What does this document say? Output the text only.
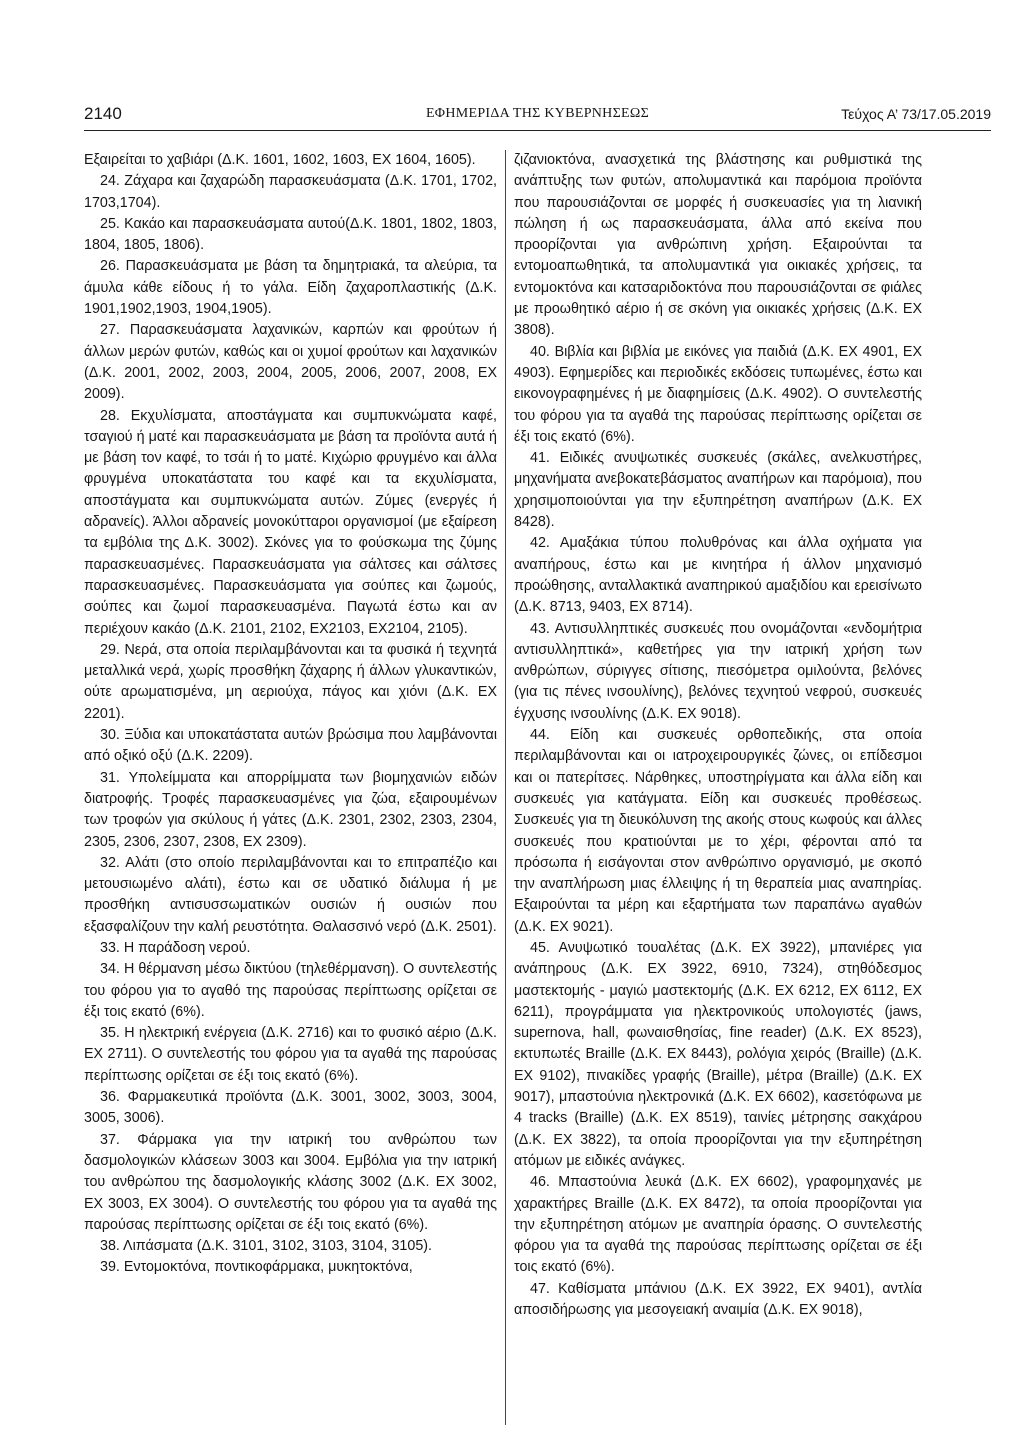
2140	ΕΦΗΜΕΡΙΔΑ ΤΗΣ ΚΥΒΕΡΝΗΣΕΩΣ	Τεύχος Α’ 73/17.05.2019

Εξαιρείται το χαβιάρι (Δ.Κ. 1601, 1602, 1603, ΕΧ 1604, 1605).

24. Ζάχαρα και ζαχαρώδη παρασκευάσματα (Δ.Κ. 1701, 1702, 1703,1704).

25. Κακάο και παρασκευάσματα αυτού(Δ.Κ. 1801, 1802, 1803, 1804, 1805, 1806).

26. Παρασκευάσματα με βάση τα δημητριακά, τα αλεύρια, τα άμυλα κάθε είδους ή το γάλα. Είδη ζαχαροπλαστικής (Δ.Κ. 1901,1902,1903, 1904,1905).

27. Παρασκευάσματα λαχανικών, καρπών και φρούτων ή άλλων μερών φυτών, καθώς και οι χυμοί φρούτων και λαχανικών (Δ.Κ. 2001, 2002, 2003, 2004, 2005, 2006, 2007, 2008, ΕΧ 2009).

28. Εκχυλίσματα, αποστάγματα και συμπυκνώματα καφέ, τσαγιού ή ματέ και παρασκευάσματα με βάση τα προϊόντα αυτά ή με βάση τον καφέ, το τσάι ή το ματέ. Κιχώριο φρυγμένο και άλλα φρυγμένα υποκατάστατα του καφέ και τα εκχυλίσματα, αποστάγματα και συμπυκνώματα αυτών. Ζύμες (ενεργές ή αδρανείς). Άλλοι αδρανείς μονοκύτταροι οργανισμοί (με εξαίρεση τα εμβόλια της Δ.Κ. 3002). Σκόνες για το φούσκωμα της ζύμης παρασκευασμένες. Παρασκευάσματα για σάλτσες και σάλτσες παρασκευασμένες. Παρασκευάσματα για σούπες και ζωμούς, σούπες και ζωμοί παρασκευασμένα. Παγωτά έστω και αν περιέχουν κακάο (Δ.Κ. 2101, 2102, ΕΧ2103, ΕΧ2104, 2105).

29. Νερά, στα οποία περιλαμβάνονται και τα φυσικά ή τεχνητά μεταλλικά νερά, χωρίς προσθήκη ζάχαρης ή άλλων γλυκαντικών, ούτε αρωματισμένα, μη αεριούχα, πάγος και χιόνι (Δ.Κ. ΕΧ 2201).

30. Ξύδια και υποκατάστατα αυτών βρώσιμα που λαμβάνονται από οξικό οξύ (Δ.Κ. 2209).

31. Υπολείμματα και απορρίμματα των βιομηχανιών ειδών διατροφής. Τροφές παρασκευασμένες για ζώα, εξαιρουμένων των τροφών για σκύλους ή γάτες (Δ.Κ. 2301, 2302, 2303, 2304, 2305, 2306, 2307, 2308, ΕΧ 2309).

32. Αλάτι (στο οποίο περιλαμβάνονται και το επιτραπέζιο και μετουσιωμένο αλάτι), έστω και σε υδατικό διάλυμα ή με προσθήκη αντισυσσωματικών ουσιών ή ουσιών που εξασφαλίζουν την καλή ρευστότητα. Θαλασσινό νερό (Δ.Κ. 2501).

33. Η παράδοση νερού.

34. Η θέρμανση μέσω δικτύου (τηλεθέρμανση). Ο συντελεστής του φόρου για το αγαθό της παρούσας περίπτωσης ορίζεται σε έξι τοις εκατό (6%).

35. Η ηλεκτρική ενέργεια (Δ.Κ. 2716) και το φυσικό αέριο (Δ.Κ. ΕΧ 2711). Ο συντελεστής του φόρου για τα αγαθά της παρούσας περίπτωσης ορίζεται σε έξι τοις εκατό (6%).

36. Φαρμακευτικά προϊόντα (Δ.Κ. 3001, 3002, 3003, 3004, 3005, 3006).

37. Φάρμακα για την ιατρική του ανθρώπου των δασμολογικών κλάσεων 3003 και 3004. Εμβόλια για την ιατρική του ανθρώπου της δασμολογικής κλάσης 3002 (Δ.Κ. ΕΧ 3002, ΕΧ 3003, ΕΧ 3004). Ο συντελεστής του φόρου για τα αγαθά της παρούσας περίπτωσης ορίζεται σε έξι τοις εκατό (6%).

38. Λιπάσματα (Δ.Κ. 3101, 3102, 3103, 3104, 3105).

39. Εντομοκτόνα, ποντικοφάρμακα, μυκητοκτόνα,

ζιζανιοκτόνα, ανασχετικά της βλάστησης και ρυθμιστικά της ανάπτυξης των φυτών, απολυμαντικά και παρόμοια προϊόντα που παρουσιάζονται σε μορφές ή συσκευασίες για τη λιανική πώληση ή ως παρασκευάσματα, άλλα από εκείνα που προορίζονται για ανθρώπινη χρήση. Εξαιρούνται τα εντομοαπωθητικά, τα απολυμαντικά για οικιακές χρήσεις, τα εντομοκτόνα και κατσαριδοκτόνα που παρουσιάζονται σε φιάλες με προωθητικό αέριο ή σε σκόνη για οικιακές χρήσεις (Δ.Κ. ΕΧ 3808).

40. Βιβλία και βιβλία με εικόνες για παιδιά (Δ.Κ. ΕΧ 4901, ΕΧ 4903). Εφημερίδες και περιοδικές εκδόσεις τυπωμένες, έστω και εικονογραφημένες ή με διαφημίσεις (Δ.Κ. 4902). Ο συντελεστής του φόρου για τα αγαθά της παρούσας περίπτωσης ορίζεται σε έξι τοις εκατό (6%).

41. Ειδικές ανυψωτικές συσκευές (σκάλες, ανελκυστήρες, μηχανήματα ανεβοκατεβάσματος αναπήρων και παρόμοια), που χρησιμοποιούνται για την εξυπηρέτηση αναπήρων (Δ.Κ. ΕΧ 8428).

42. Αμαξάκια τύπου πολυθρόνας και άλλα οχήματα για αναπήρους, έστω και με κινητήρα ή άλλον μηχανισμό προώθησης, ανταλλακτικά αναπηρικού αμαξιδίου και ερεισίνωτο (Δ.Κ. 8713, 9403, ΕΧ 8714).

43. Αντισυλληπτικές συσκευές που ονομάζονται «ενδομήτρια αντισυλληπτικά», καθετήρες για την ιατρική χρήση των ανθρώπων, σύριγγες σίτισης, πιεσόμετρα ομιλούντα, βελόνες (για τις πένες ινσουλίνης), βελόνες τεχνητού νεφρού, συσκευές έγχυσης ινσουλίνης (Δ.Κ. ΕΧ 9018).

44. Είδη και συσκευές ορθοπεδικής, στα οποία περιλαμβάνονται και οι ιατροχειρουργικές ζώνες, οι επίδεσμοι και οι πατερίτσες. Νάρθηκες, υποστηρίγματα και άλλα είδη και συσκευές για κατάγματα. Είδη και συσκευές προθέσεως. Συσκευές για τη διευκόλυνση της ακοής στους κωφούς και άλλες συσκευές που κρατιούνται με το χέρι, φέρονται από τα πρόσωπα ή εισάγονται στον ανθρώπινο οργανισμό, με σκοπό την αναπλήρωση μιας έλλειψης ή τη θεραπεία μιας αναπηρίας. Εξαιρούνται τα μέρη και εξαρτήματα των παραπάνω αγαθών (Δ.Κ. ΕΧ 9021).

45. Ανυψωτικό τουαλέτας (Δ.Κ. ΕΧ 3922), μπανιέρες για ανάπηρους (Δ.Κ. ΕΧ 3922, 6910, 7324), στηθόδεσμος μαστεκτομής - μαγιώ μαστεκτομής (Δ.Κ. ΕΧ 6212, ΕΧ 6112, ΕΧ 6211), προγράμματα για ηλεκτρονικούς υπολογιστές (jaws, supernova, hall, φωναισθησίας, fine reader) (Δ.Κ. ΕΧ 8523), εκτυπωτές Braille (Δ.Κ. ΕΧ 8443), ρολόγια χειρός (Braille) (Δ.Κ. ΕΧ 9102), πινακίδες γραφής (Braille), μέτρα (Braille) (Δ.Κ. ΕΧ 9017), μπαστούνια ηλεκτρονικά (Δ.Κ. ΕΧ 6602), κασετόφωνα με 4 tracks (Braille) (Δ.Κ. ΕΧ 8519), ταινίες μέτρησης σακχάρου (Δ.Κ. ΕΧ 3822), τα οποία προορίζονται για την εξυπηρέτηση ατόμων με ειδικές ανάγκες.

46. Μπαστούνια λευκά (Δ.Κ. ΕΧ 6602), γραφομηχανές με χαρακτήρες Braille (Δ.Κ. ΕΧ 8472), τα οποία προορίζονται για την εξυπηρέτηση ατόμων με αναπηρία όρασης. Ο συντελεστής φόρου για τα αγαθά της παρούσας περίπτωσης ορίζεται σε έξι τοις εκατό (6%).

47. Καθίσματα μπάνιου (Δ.Κ. ΕΧ 3922, ΕΧ 9401), αντλία αποσιδήρωσης για μεσογειακή αναιμία (Δ.Κ. ΕΧ 9018),
